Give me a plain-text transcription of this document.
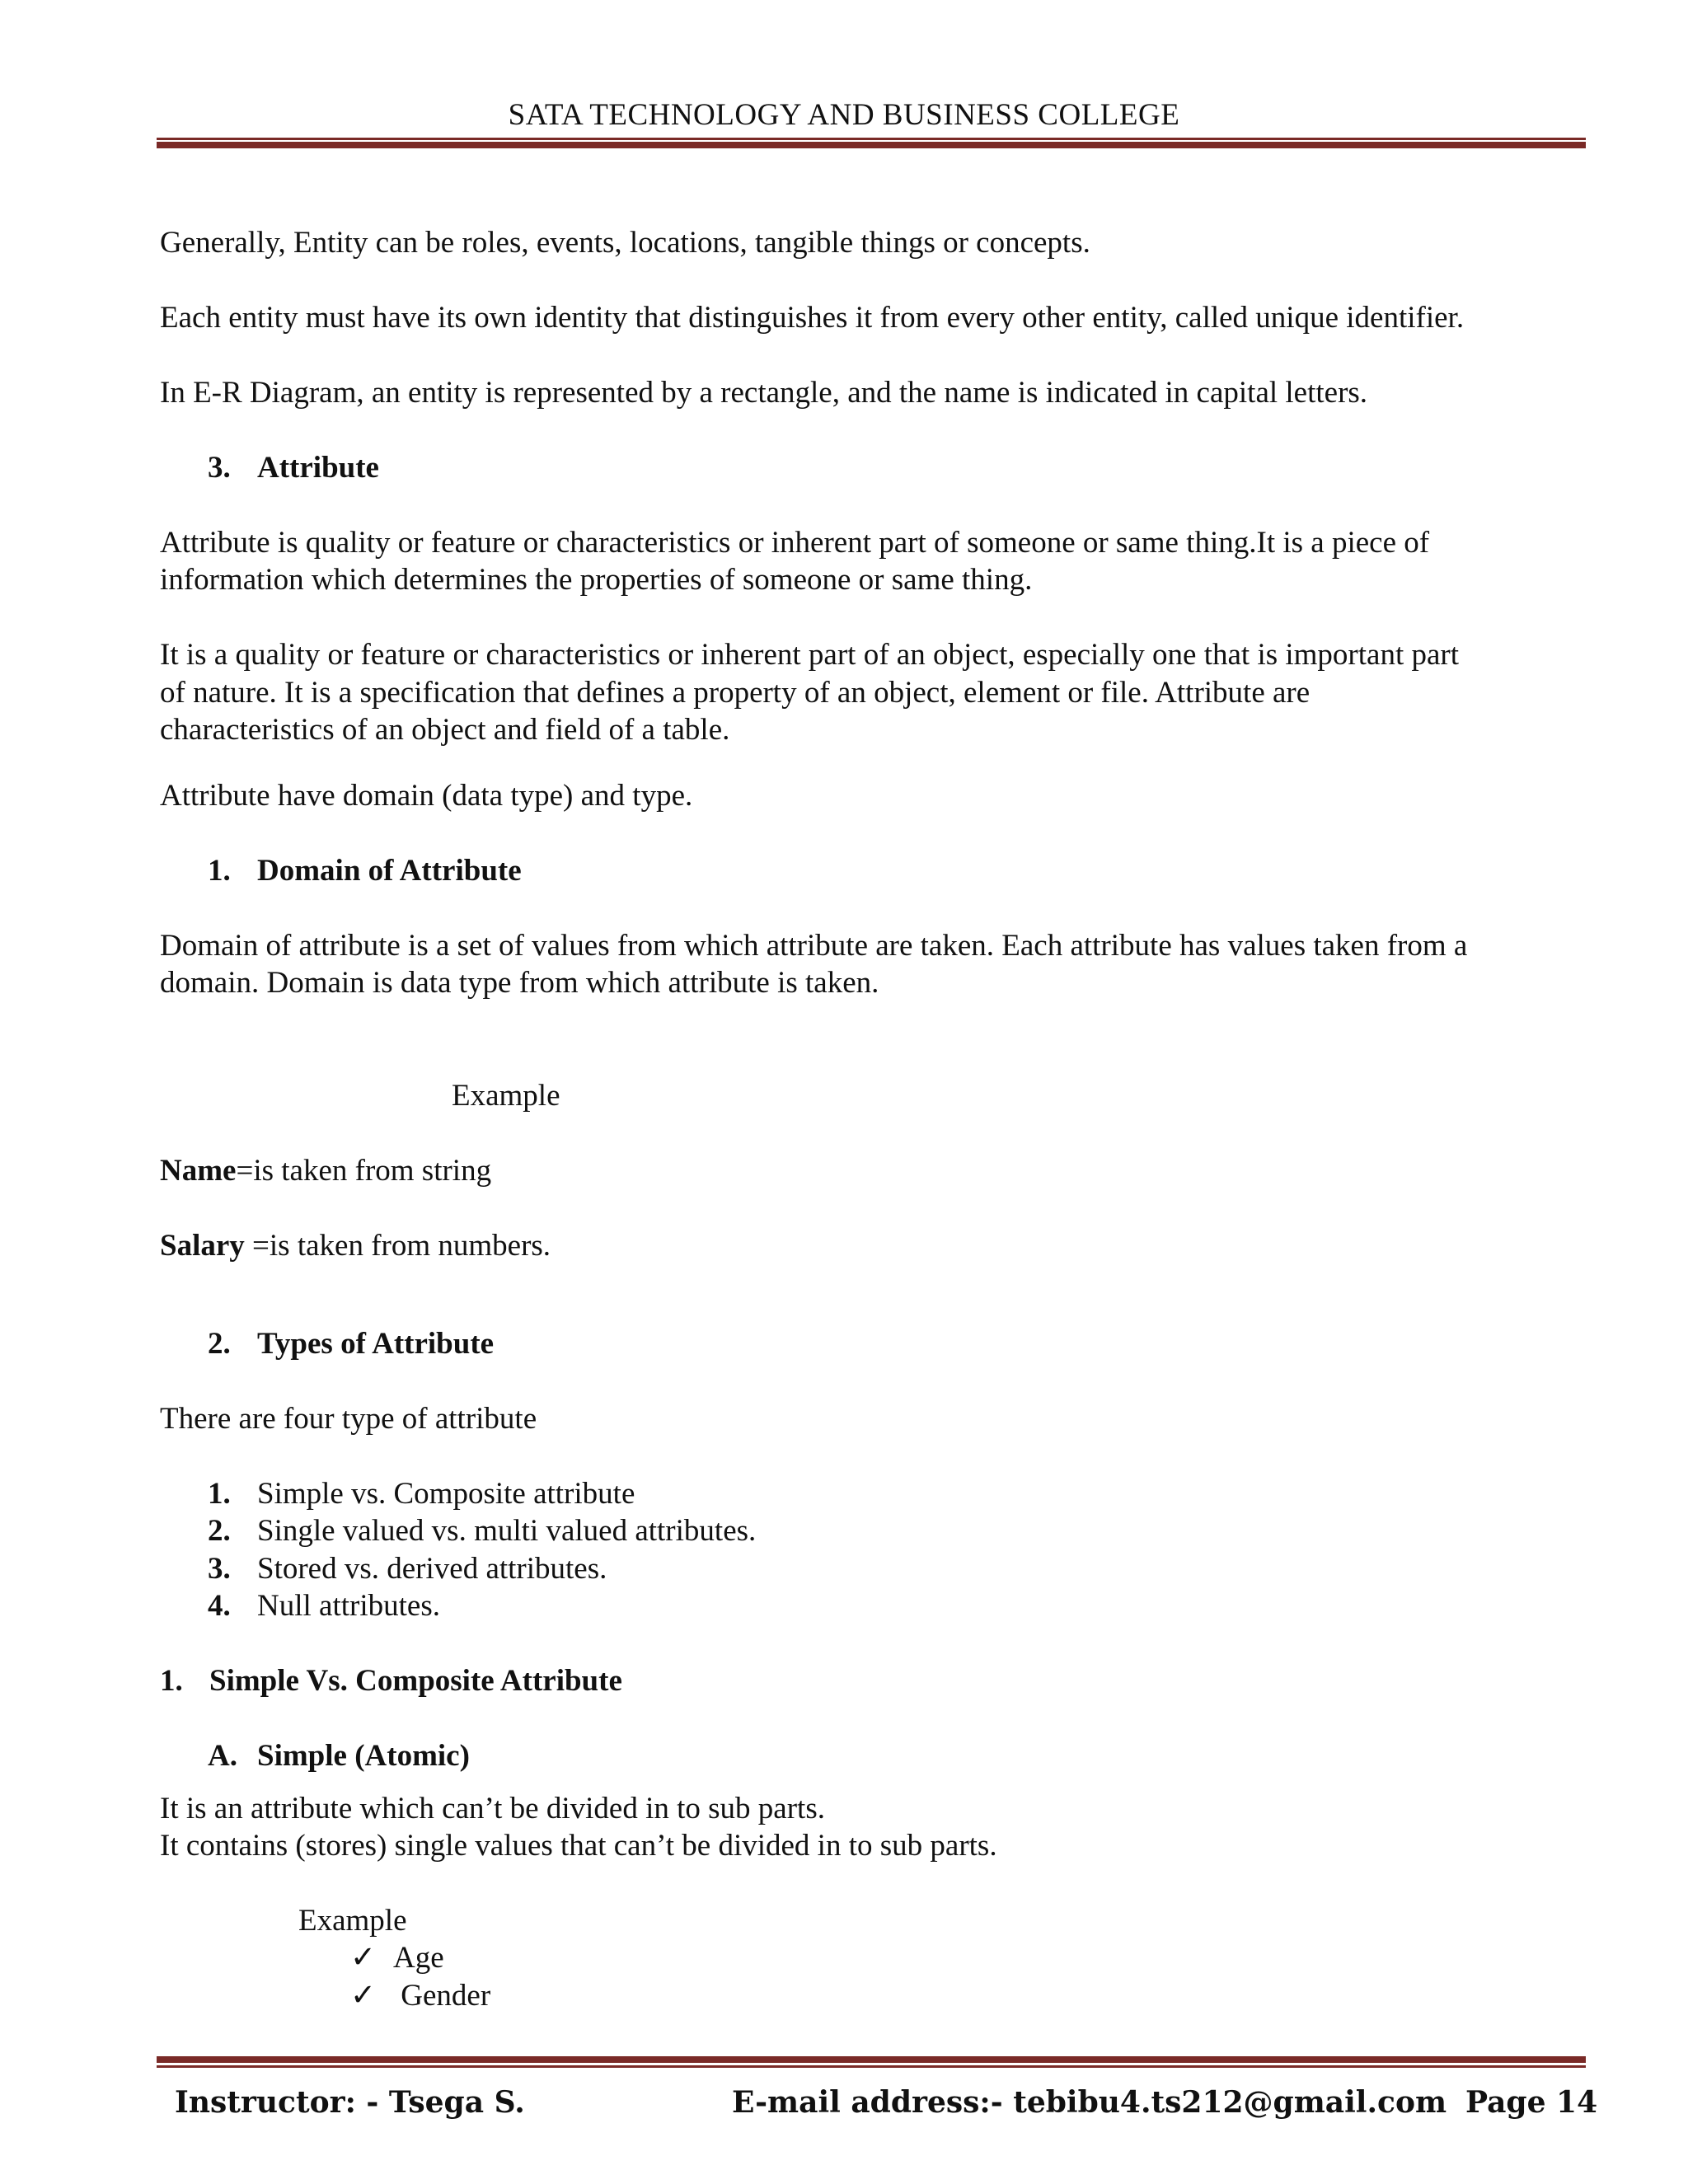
SATA TECHNOLOGY AND BUSINESS COLLEGE
Generally, Entity can be roles, events, locations, tangible things or concepts.
Each entity must have its own identity that distinguishes it from every other entity, called unique identifier.
In E-R Diagram, an entity is represented by a rectangle, and the name is indicated in capital letters.
3. Attribute
Attribute is quality or feature or characteristics or inherent part of someone or same thing.It is a piece of
information which determines the properties of someone or same thing.
It is a quality or feature or characteristics or inherent part of an object, especially one that is important part
of nature. It is a specification that defines a property of an object, element or file. Attribute are
characteristics of an object and field of a table.
Attribute have domain (data type) and type.
1. Domain of Attribute
Domain of attribute is a set of values from which attribute are taken. Each attribute has values taken from a
domain. Domain is data type from which attribute is taken.
Example
Name=is taken from string
Salary =is taken from numbers.
2. Types of Attribute
There are four type of attribute
1. Simple vs. Composite attribute
2. Single valued vs. multi valued attributes.
3. Stored vs. derived attributes.
4. Null attributes.
1. Simple Vs. Composite Attribute
A. Simple (Atomic)
It is an attribute which can’t be divided in to sub parts.
It contains (stores) single values that can’t be divided in to sub parts.
Example
✓ Age
✓ Gender
Instructor: - Tsega S.	E-mail address:- tebibu4.ts212@gmail.com Page 14
